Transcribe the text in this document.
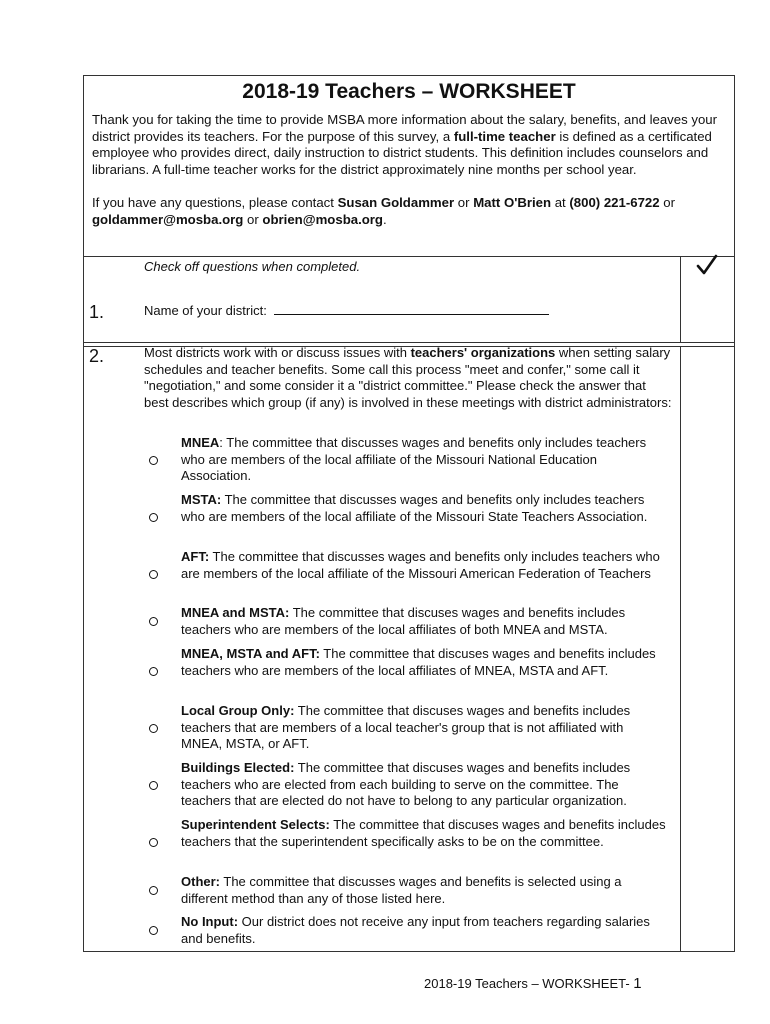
2018-19 Teachers – WORKSHEET

Thank you for taking the time to provide MSBA more information about the salary, benefits, and leaves your district provides its teachers. For the purpose of this survey, a full-time teacher is defined as a certificated employee who provides direct, daily instruction to district students. This definition includes counselors and librarians. A full-time teacher works for the district approximately nine months per school year.

If you have any questions, please contact Susan Goldammer or Matt O'Brien at (800) 221-6722 or goldammer@mosba.org or obrien@mosba.org.

Check off questions when completed.
1.	Name of your district:
2.	Most districts work with or discuss issues with teachers' organizations when setting salary schedules and teacher benefits. Some call this process "meet and confer," some call it "negotiation," and some consider it a "district committee." Please check the answer that best describes which group (if any) is involved in these meetings with district administrators:
MNEA: The committee that discusses wages and benefits only includes teachers who are members of the local affiliate of the Missouri National Education Association.
MSTA: The committee that discusses wages and benefits only includes teachers who are members of the local affiliate of the Missouri State Teachers Association.
AFT: The committee that discusses wages and benefits only includes teachers who are members of the local affiliate of the Missouri American Federation of Teachers
MNEA and MSTA: The committee that discuses wages and benefits includes teachers who are members of the local affiliates of both MNEA and MSTA.
MNEA, MSTA and AFT: The committee that discuses wages and benefits includes teachers who are members of the local affiliates of MNEA, MSTA and AFT.
Local Group Only: The committee that discuses wages and benefits includes teachers that are members of a local teacher's group that is not affiliated with MNEA, MSTA, or AFT.
Buildings Elected: The committee that discuses wages and benefits includes teachers who are elected from each building to serve on the committee. The teachers that are elected do not have to belong to any particular organization.
Superintendent Selects: The committee that discuses wages and benefits includes teachers that the superintendent specifically asks to be on the committee.
Other: The committee that discusses wages and benefits is selected using a different method than any of those listed here.
No Input: Our district does not receive any input from teachers regarding salaries and benefits.
2018-19 Teachers – WORKSHEET- 1
